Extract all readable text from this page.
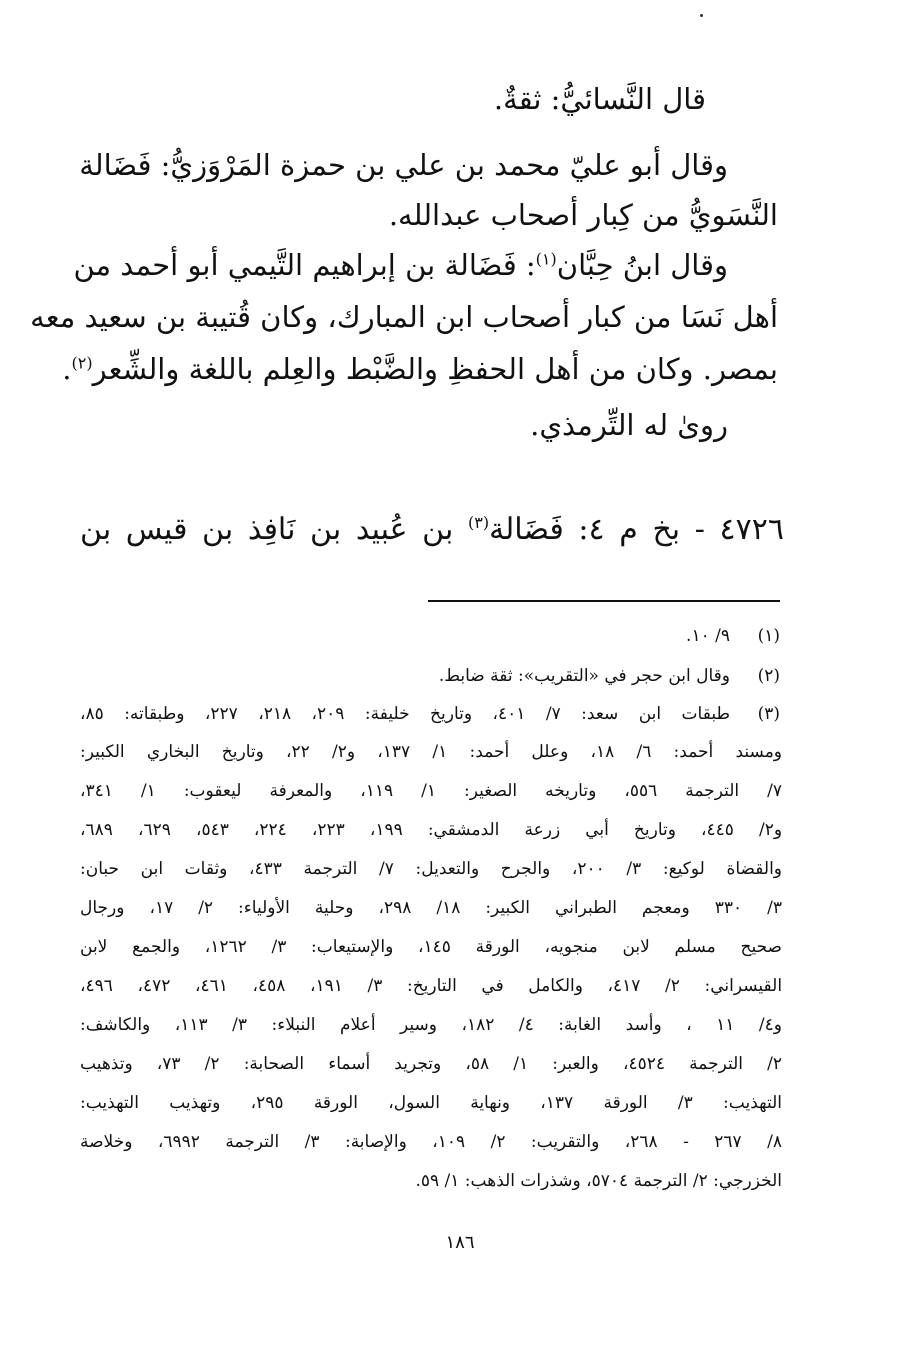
قال النَّسائيُّ: ثقةٌ.
وقال أبو عليّ محمد بن علي بن حمزة المَرْوَزيُّ: فَضَالة
النَّسَويُّ من كِبار أصحاب عبدالله.
وقال ابنُ حِبَّان$^{(١)}$: فَضَالة بن إبراهيم التَّيمي أبو أحمد من
أهل نَسَا من كبار أصحاب ابن المبارك، وكان قُتيبة بن سعيد معه
بمصر. وكان من أهل الحفظِ والضَّبْط والعِلم باللغة والشِّعر$^{(٢)}$.
روىٰ له التِّرمذي.
٤٧٢٦ - بخ م ٤: فَضَالة$^{(٣)}$ بن عُبيد بن نَافِذ بن قيس بن
(١)
٩/ ١٠.
(٢)
وقال ابن حجر في «التقريب»: ثقة ضابط.
(٣)
طبقات ابن سعد: ٧/ ٤٠١، وتاريخ خليفة: ٢٠٩، ٢١٨، ٢٢٧، وطبقاته: ٨٥،
ومسند أحمد: ٦/ ١٨، وعلل أحمد: ١/ ١٣٧، و٢/ ٢٢، وتاريخ البخاري الكبير:
٧/ الترجمة ٥٥٦، وتاريخه الصغير: ١/ ١١٩، والمعرفة ليعقوب: ١/ ٣٤١،
و٢/ ٤٤٥، وتاريخ أبي زرعة الدمشقي: ١٩٩، ٢٢٣، ٢٢٤، ٥٤٣، ٦٢٩، ٦٨٩،
والقضاة لوكيع: ٣/ ٢٠٠، والجرح والتعديل: ٧/ الترجمة ٤٣٣، وثقات ابن حبان:
٣/ ٣٣٠ ومعجم الطبراني الكبير: ١٨/ ٢٩٨، وحلية الأولياء: ٢/ ١٧، ورجال
صحيح مسلم لابن منجويه، الورقة ١٤٥، والإستيعاب: ٣/ ١٢٦٢، والجمع لابن
القيسراني: ٢/ ٤١٧، والكامل في التاريخ: ٣/ ١٩١، ٤٥٨، ٤٦١، ٤٧٢، ٤٩٦،
و٤/ ١١ ، وأسد الغابة: ٤/ ١٨٢، وسير أعلام النبلاء: ٣/ ١١٣، والكاشف:
٢/ الترجمة ٤٥٢٤، والعبر: ١/ ٥٨، وتجريد أسماء الصحابة: ٢/ ٧٣، وتذهيب
التهذيب: ٣/ الورقة ١٣٧، ونهاية السول، الورقة ٢٩٥، وتهذيب التهذيب:
٨/ ٢٦٧ - ٢٦٨، والتقريب: ٢/ ١٠٩، والإصابة: ٣/ الترجمة ٦٩٩٢، وخلاصة
الخزرجي: ٢/ الترجمة ٥٧٠٤، وشذرات الذهب: ١/ ٥٩.
١٨٦
